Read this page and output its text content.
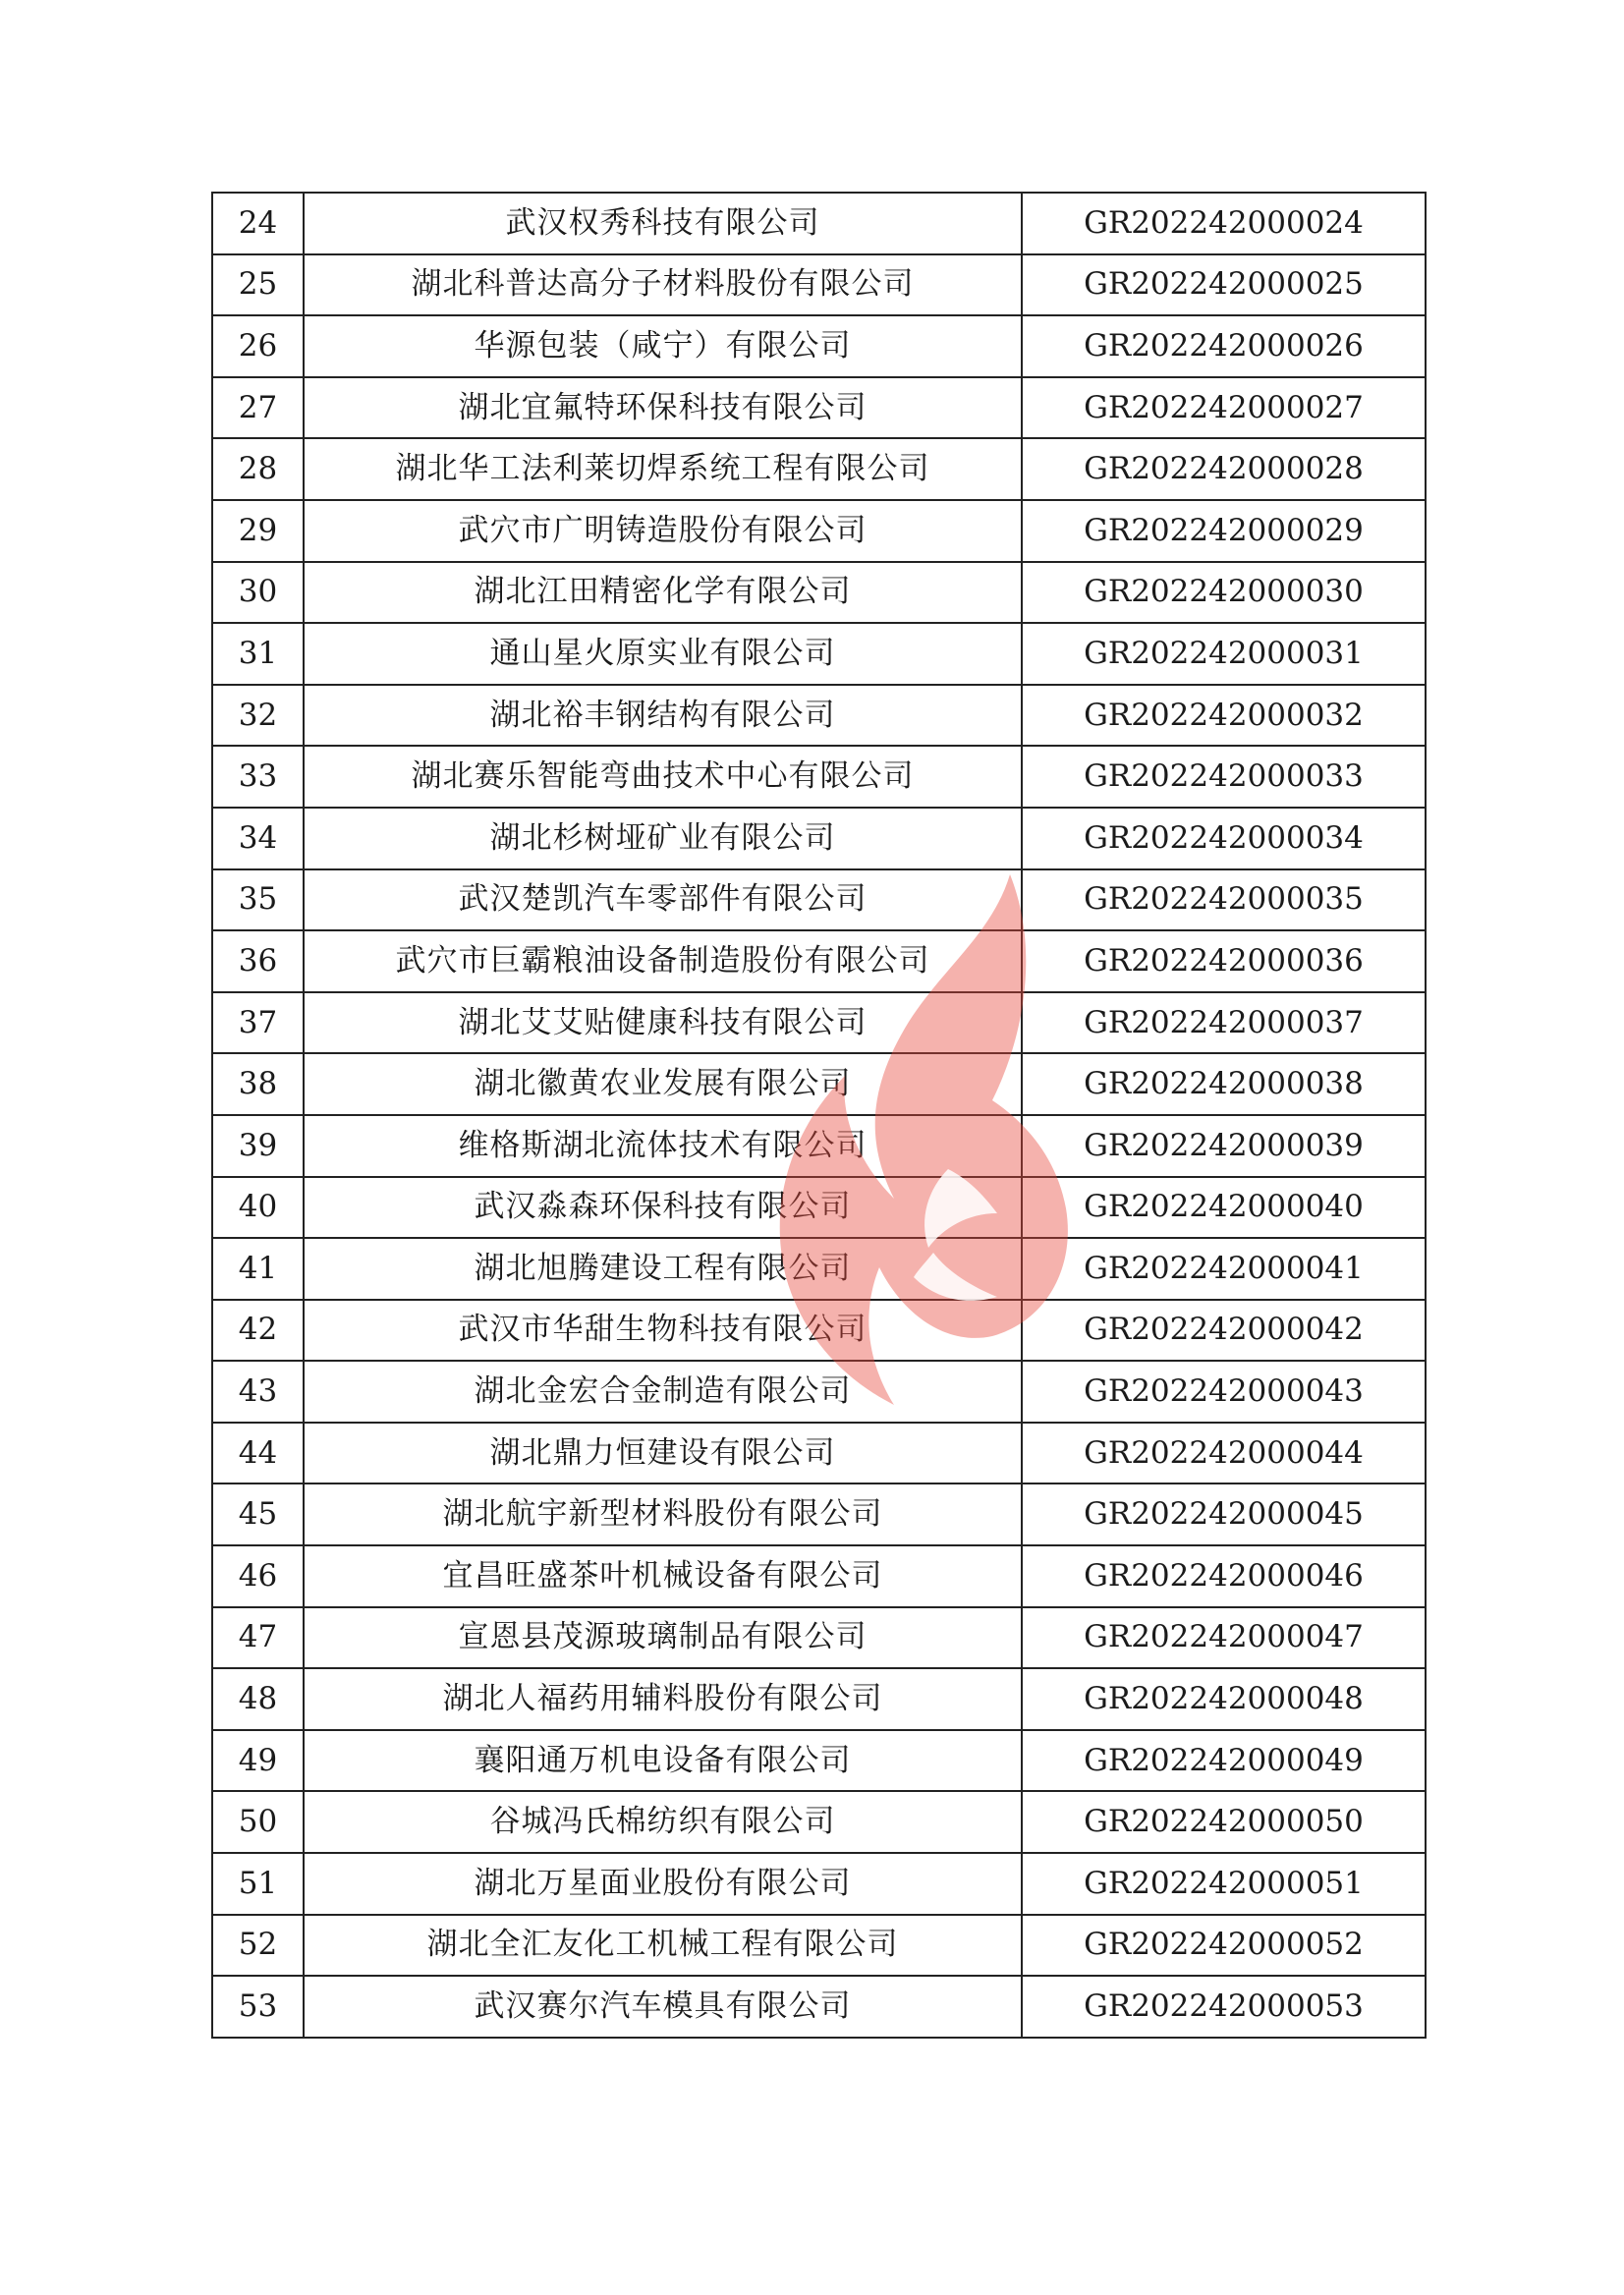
24	武汉权秀科技有限公司	GR202242000024
25	湖北科普达高分子材料股份有限公司	GR202242000025
26	华源包装（咸宁）有限公司	GR202242000026
27	湖北宜氟特环保科技有限公司	GR202242000027
28	湖北华工法利莱切焊系统工程有限公司	GR202242000028
29	武穴市广明铸造股份有限公司	GR202242000029
30	湖北江田精密化学有限公司	GR202242000030
31	通山星火原实业有限公司	GR202242000031
32	湖北裕丰钢结构有限公司	GR202242000032
33	湖北赛乐智能弯曲技术中心有限公司	GR202242000033
34	湖北杉树垭矿业有限公司	GR202242000034
35	武汉楚凯汽车零部件有限公司	GR202242000035
36	武穴市巨霸粮油设备制造股份有限公司	GR202242000036
37	湖北艾艾贴健康科技有限公司	GR202242000037
38	湖北徽黄农业发展有限公司	GR202242000038
39	维格斯湖北流体技术有限公司	GR202242000039
40	武汉淼森环保科技有限公司	GR202242000040
41	湖北旭腾建设工程有限公司	GR202242000041
42	武汉市华甜生物科技有限公司	GR202242000042
43	湖北金宏合金制造有限公司	GR202242000043
44	湖北鼎力恒建设有限公司	GR202242000044
45	湖北航宇新型材料股份有限公司	GR202242000045
46	宜昌旺盛茶叶机械设备有限公司	GR202242000046
47	宣恩县茂源玻璃制品有限公司	GR202242000047
48	湖北人福药用辅料股份有限公司	GR202242000048
49	襄阳通万机电设备有限公司	GR202242000049
50	谷城冯氏棉纺织有限公司	GR202242000050
51	湖北万星面业股份有限公司	GR202242000051
52	湖北全汇友化工机械工程有限公司	GR202242000052
53	武汉赛尔汽车模具有限公司	GR202242000053
